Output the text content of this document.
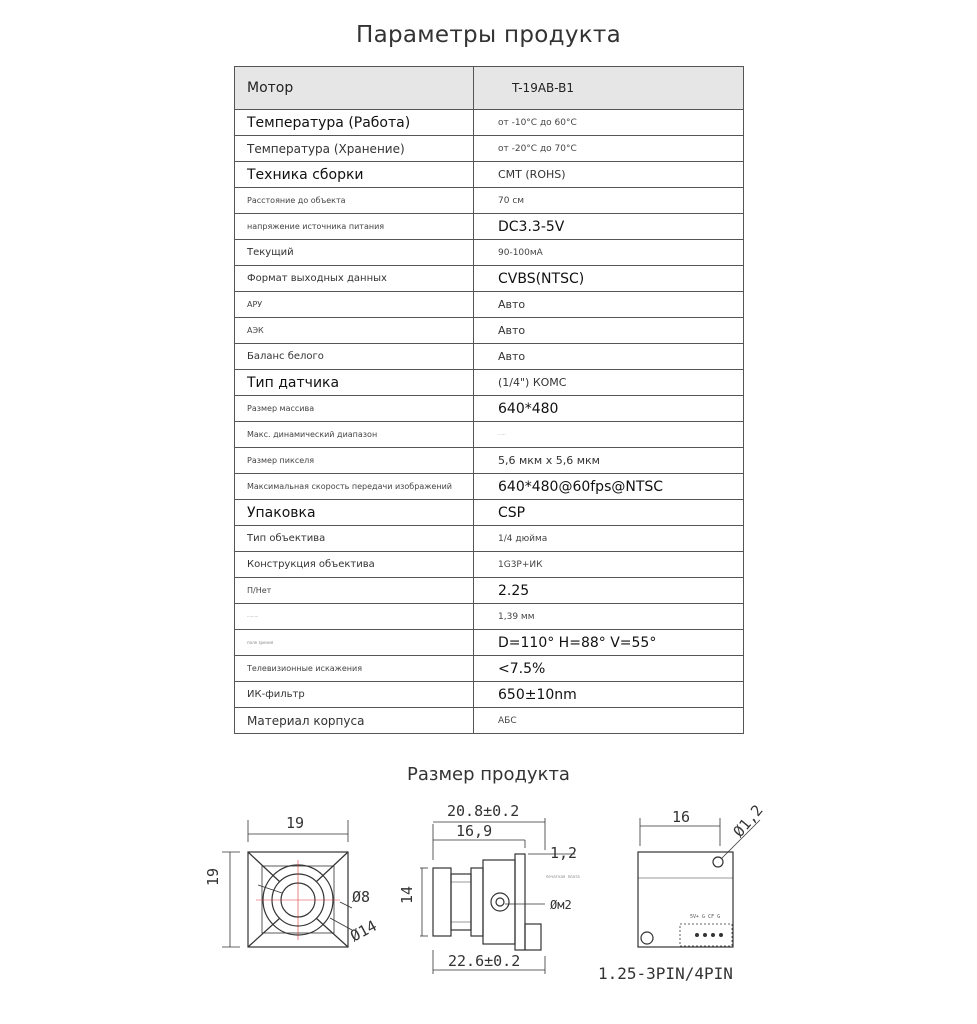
Параметры продукта
Мотор	T-19AB-B1
Температура (Работа)	от -10°C до 60°C
Температура (Хранение)	от -20°C до 70°C
Техника сборки	CMT (ROHS)
Расстояние до объекта	70 см
напряжение источника питания	DC3.3-5V
Текущий	90-100мA
Формат выходных данных	CVBS(NTSC)
АРУ	Авто
АЭК	Авто
Баланс белого	Авто
Тип датчика	(1/4") КОМС
Размер массива	640*480
Макс. динамический диапазон	······
Размер пикселя	5,6 мкм x 5,6 мкм
Максимальная скорость передачи изображений	640*480@60fps@NTSC
Упаковка	CSP
Тип объектива	1/4 дюйма
Конструкция объектива	1G3P+ИК
П/Нет	2.25
·········	1,39 мм
поле зрения	D=110° H=88° V=55°
Телевизионные искажения	<7.5%
ИК-фильтр	650±10nm
Материал корпуса	АБС
Размер продукта
19
19
Ø8
Ø14
20.8±0.2
16,9
22.6±0.2
14
1,2
печатная плата
Øм2
16	Ø1,2
5V+ G CF G
1.25-3PIN/4PIN
